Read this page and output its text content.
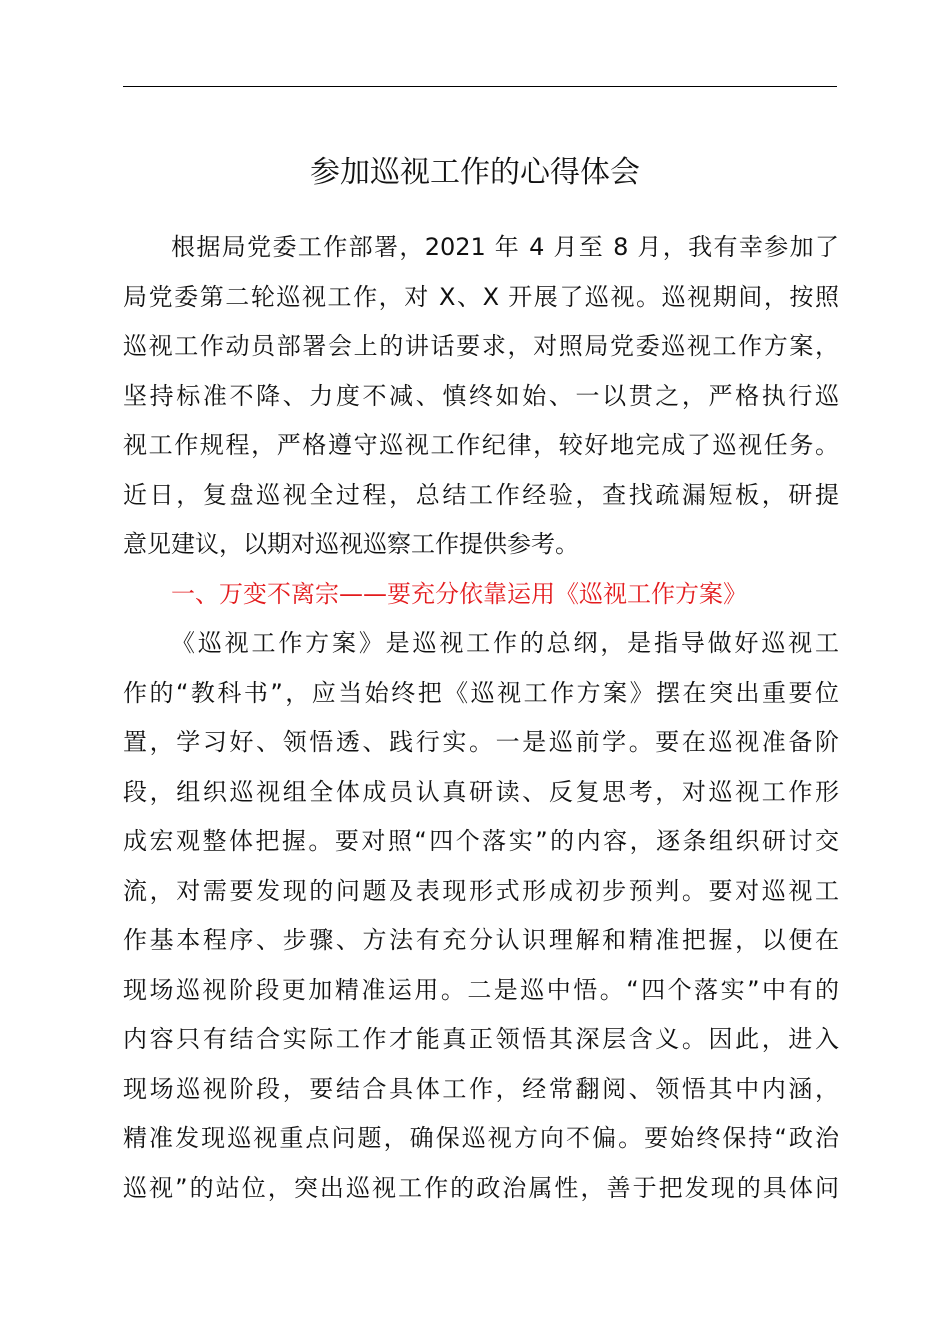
参加巡视工作的心得体会
根据局党委工作部署，2021 年 4 月至 8 月，我有幸参加了
局党委第二轮巡视工作，对 X、X 开展了巡视。巡视期间，按照
巡视工作动员部署会上的讲话要求，对照局党委巡视工作方案，
坚持标准不降、力度不减、慎终如始、一以贯之，严格执行巡
视工作规程，严格遵守巡视工作纪律，较好地完成了巡视任务。
近日，复盘巡视全过程，总结工作经验，查找疏漏短板，研提
意见建议，以期对巡视巡察工作提供参考。
一、万变不离宗——要充分依靠运用《巡视工作方案》
《巡视工作方案》是巡视工作的总纲，是指导做好巡视工
作的“教科书”，应当始终把《巡视工作方案》摆在突出重要位
置，学习好、领悟透、践行实。一是巡前学。要在巡视准备阶
段，组织巡视组全体成员认真研读、反复思考，对巡视工作形
成宏观整体把握。要对照“四个落实”的内容，逐条组织研讨交
流，对需要发现的问题及表现形式形成初步预判。要对巡视工
作基本程序、步骤、方法有充分认识理解和精准把握，以便在
现场巡视阶段更加精准运用。二是巡中悟。“四个落实”中有的
内容只有结合实际工作才能真正领悟其深层含义。因此，进入
现场巡视阶段，要结合具体工作，经常翻阅、领悟其中内涵，
精准发现巡视重点问题，确保巡视方向不偏。要始终保持“政治
巡视”的站位，突出巡视工作的政治属性，善于把发现的具体问
